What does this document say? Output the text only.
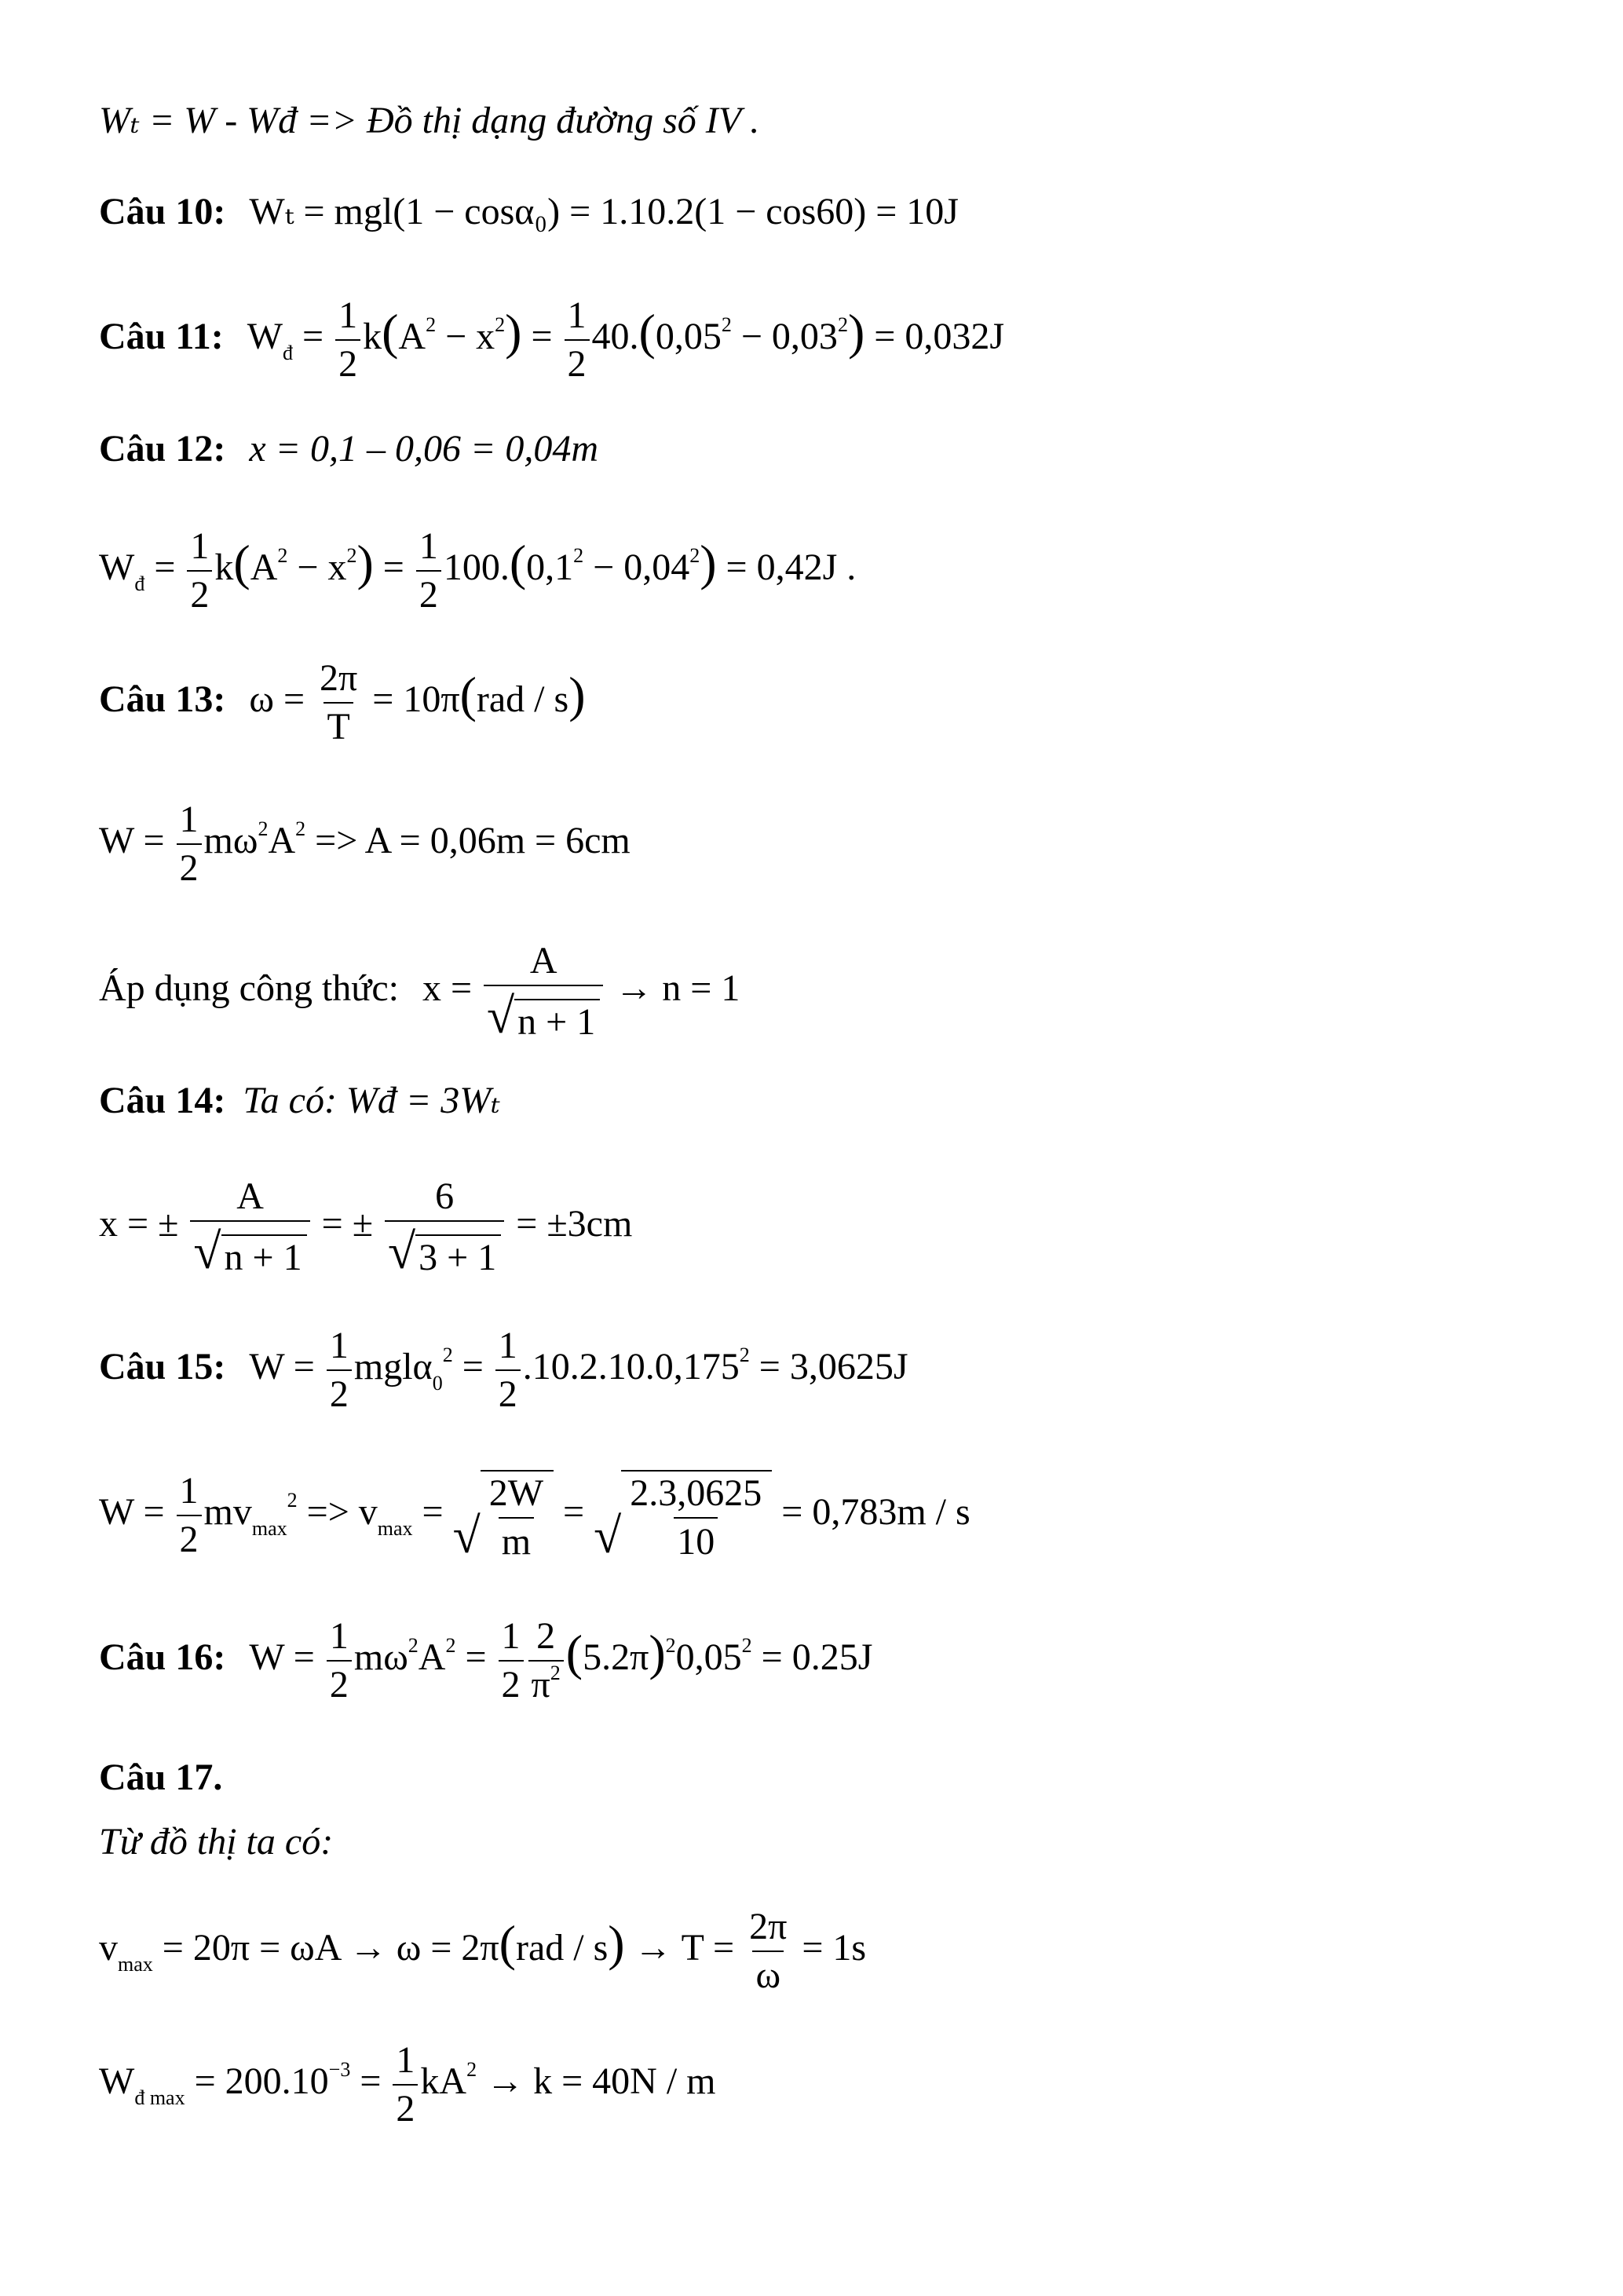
Wₜ = W - Wđ => Đồ thị dạng đường số IV .
Câu 10: Wₜ = mgl(1 − cosα₀) = 1.10.2(1 − cos60) = 10J
Câu 11: $W_đ = \frac{1}{2} k(A^2 - x^2) = \frac{1}{2} 40.(0,05^2 - 0,03^2) = 0,032J$
Câu 12: x = 0,1 – 0,06 = 0,04m
$W_đ = \frac{1}{2} k(A^2 - x^2) = \frac{1}{2} 100.(0,1^2 - 0,04^2) = 0,42J$ .
Câu 13: $\omega = \frac{2\pi}{T} = 10\pi(rad / s)$
$W = \frac{1}{2} m\omega^2A^2 => A = 0,06m = 6cm$
Áp dụng công thức: $x = \frac{A}{√ n + 1} \to n = 1$
Câu 14: Ta có: Wđ = 3Wₜ
x = ± $\frac{A}{√ n + 1}$ = ± $\frac{6}{√ 3 + 1} = \pm 3cm$
Câu 15: $W = \frac{1}{2} mgl\alpha_0^2 = \frac{1}{2} .10.2.10.0,175^2 = 3,0625J$
$W = \frac{1}{2} mv_{max}^2 => v_{max}$ = √ $\frac{2W}{m}$ = √ $\frac{2.3,0625}{10} = 0,783m / s$
Câu 16: $W = \frac{1}{2} m\omega^2A^2 = \frac{1}{2} \frac{2}{\pi^2} (5.2\pi)^20,05^2 = 0.25J$
Câu 17.
Từ đồ thị ta có:
$v_{max} = 20\pi = \omega A \to \omega = 2\pi(rad / s) \to T = \frac{2\pi}{\omega} = 1s$
$W_{đ max} = 200.10^{-3} = \frac{1}{2} kA^2 \to k = 40N / m$
